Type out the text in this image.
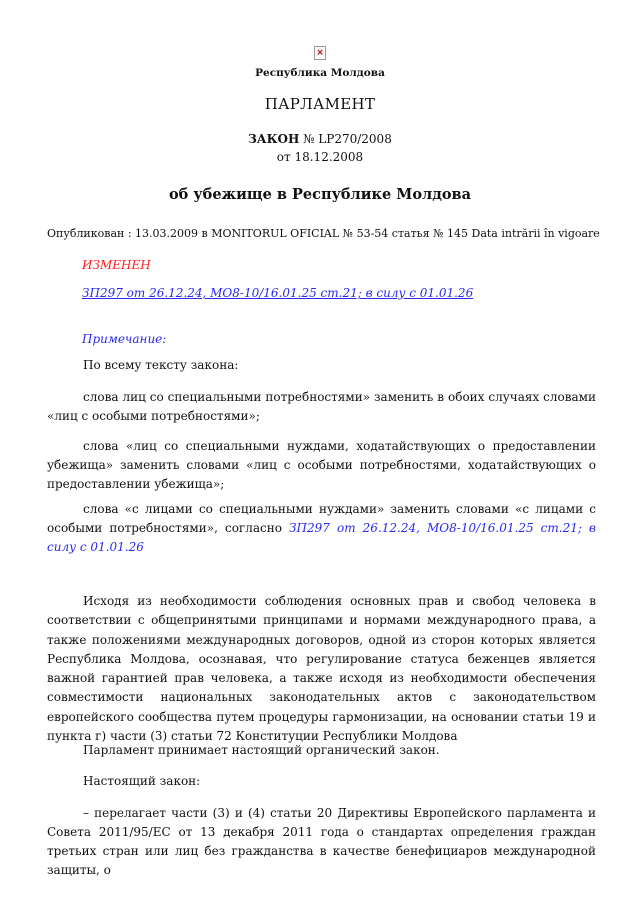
×
Республика Молдова
ПАРЛАМЕНТ
ЗАКОН № LP270/2008
от 18.12.2008
об убежище в Республике Молдова
Опубликован : 13.03.2009 в MONITORUL OFICIAL № 53-54 статья № 145 Data intrării în vigoare
ИЗМЕНЕН
ЗП297 от 26.12.24, МО8-10/16.01.25 ст.21; в силу с 01.01.26
Примечание:
По всему тексту закона:
слова лиц со специальными потребностями» заменить в обоих случаях словами «лиц с особыми потребностями»;
слова «лиц со специальными нуждами, ходатайствующих о предоставлении убежища» заменить словами «лиц с особыми потребностями, ходатайствующих о предоставлении убежища»;
слова «с лицами со специальными нуждами» заменить словами «с лицами с особыми потребностями», согласно ЗП297 от 26.12.24, МО8-10/16.01.25 ст.21; в силу с 01.01.26
Исходя из необходимости соблюдения основных прав и свобод человека в соответствии с общепринятыми принципами и нормами международного права, а также положениями международных договоров, одной из сторон которых является Республика Молдова, осознавая, что регулирование статуса беженцев является важной гарантией прав человека, а также исходя из необходимости обеспечения совместимости национальных законодательных актов с законодательством европейского сообщества путем процедуры гармонизации, на основании статьи 19 и пункта г) части (3) статьи 72 Конституции Республики Молдова
Парламент принимает настоящий органический закон.
Настоящий закон:
– перелагает части (3) и (4) статьи 20 Директивы Европейского парламента и Совета 2011/95/ЕС от 13 декабря 2011 года о стандартах определения граждан третьих стран или лиц без гражданства в качестве бенефициаров международной защиты, о
